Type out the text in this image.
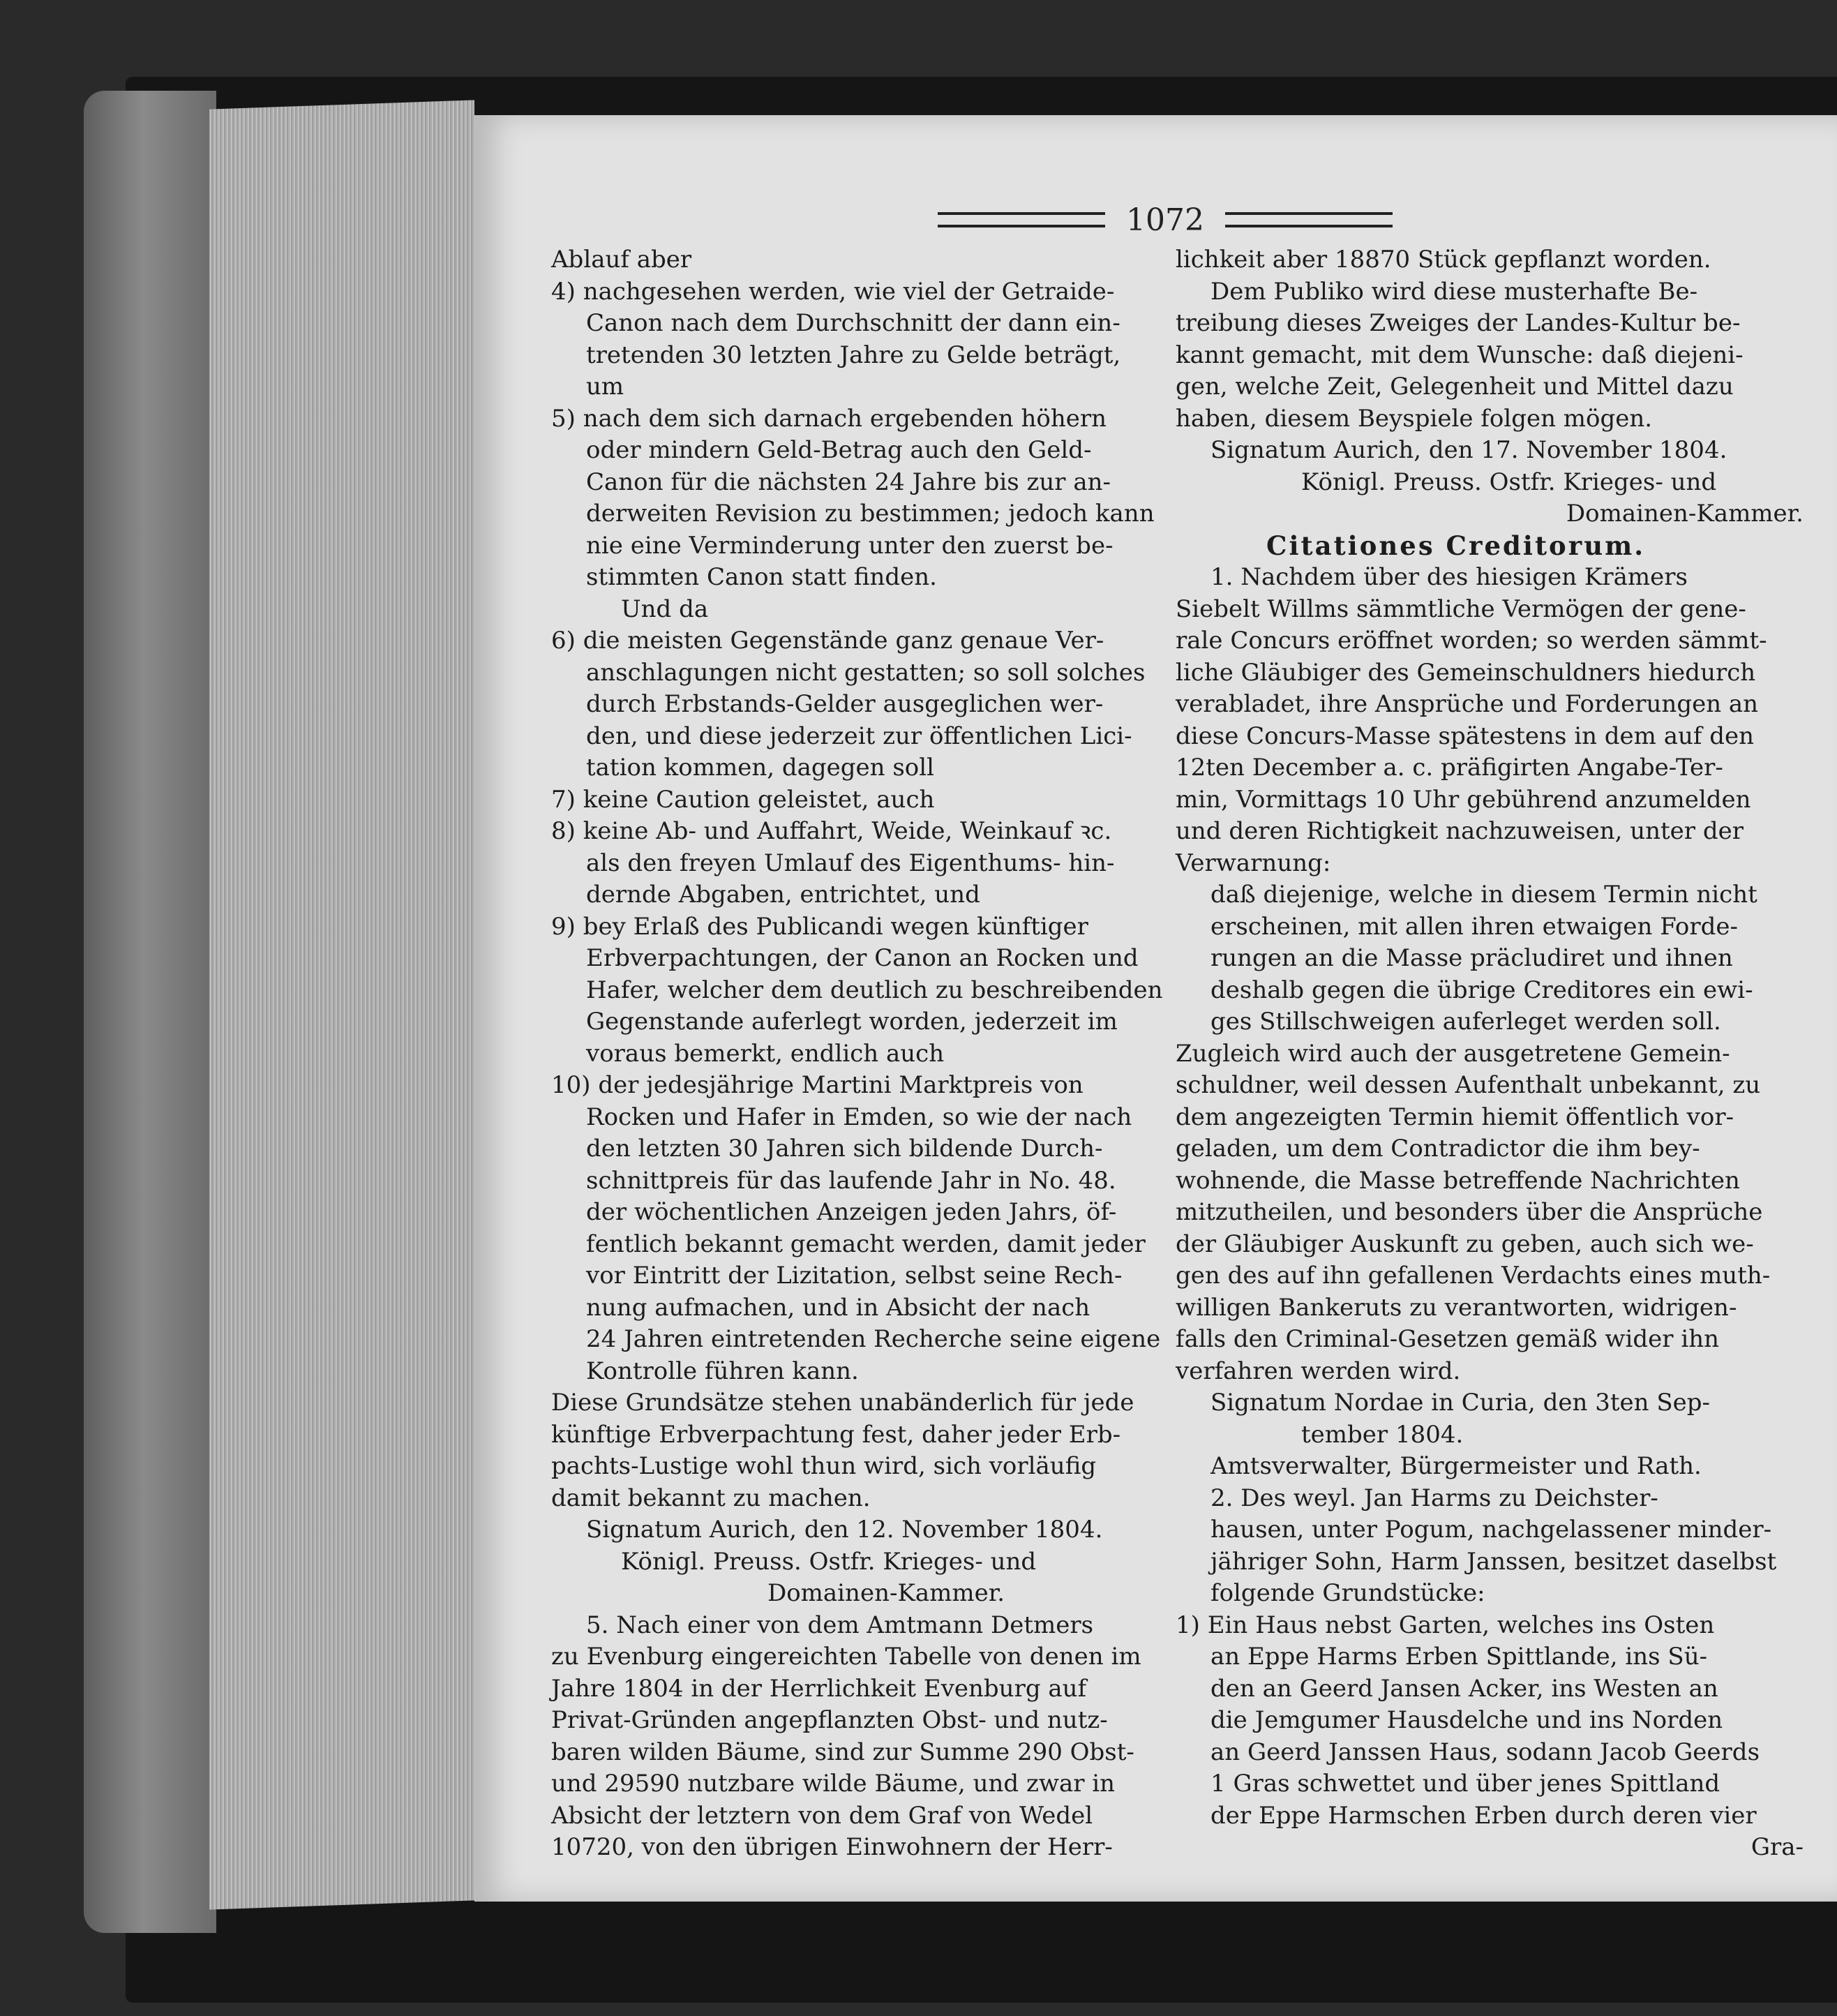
1072
Ablauf aber
4) nachgesehen werden, wie viel der Getraide-
Canon nach dem Durchschnitt der dann ein-
tretenden 30 letzten Jahre zu Gelde beträgt,
um
5) nach dem sich darnach ergebenden höhern
oder mindern Geld-Betrag auch den Geld-
Canon für die nächsten 24 Jahre bis zur an-
derweiten Revision zu bestimmen; jedoch kann
nie eine Verminderung unter den zuerst be-
stimmten Canon statt finden.
Und da
6) die meisten Gegenstände ganz genaue Ver-
anschlagungen nicht gestatten; so soll solches
durch Erbstands-Gelder ausgeglichen wer-
den, und diese jederzeit zur öffentlichen Lici-
tation kommen, dagegen soll
7) keine Caution geleistet, auch
8) keine Ab- und Auffahrt, Weide, Weinkauf ꝛc.
als den freyen Umlauf des Eigenthums- hin-
dernde Abgaben, entrichtet, und
9) bey Erlaß des Publicandi wegen künftiger
Erbverpachtungen, der Canon an Rocken und
Hafer, welcher dem deutlich zu beschreibenden
Gegenstande auferlegt worden, jederzeit im
voraus bemerkt, endlich auch
10) der jedesjährige Martini Marktpreis von
Rocken und Hafer in Emden, so wie der nach
den letzten 30 Jahren sich bildende Durch-
schnittpreis für das laufende Jahr in No. 48.
der wöchentlichen Anzeigen jeden Jahrs, öf-
fentlich bekannt gemacht werden, damit jeder
vor Eintritt der Lizitation, selbst seine Rech-
nung aufmachen, und in Absicht der nach
24 Jahren eintretenden Recherche seine eigene
Kontrolle führen kann.
Diese Grundsätze stehen unabänderlich für jede
künftige Erbverpachtung fest, daher jeder Erb-
pachts-Lustige wohl thun wird, sich vorläufig
damit bekannt zu machen.
Signatum Aurich, den 12. November 1804.
Königl. Preuss. Ostfr. Krieges- und
Domainen-Kammer.
5. Nach einer von dem Amtmann Detmers
zu Evenburg eingereichten Tabelle von denen im
Jahre 1804 in der Herrlichkeit Evenburg auf
Privat-Gründen angepflanzten Obst- und nutz-
baren wilden Bäume, sind zur Summe 290 Obst-
und 29590 nutzbare wilde Bäume, und zwar in
Absicht der letztern von dem Graf von Wedel
10720, von den übrigen Einwohnern der Herr-
lichkeit aber 18870 Stück gepflanzt worden.
Dem Publiko wird diese musterhafte Be-
treibung dieses Zweiges der Landes-Kultur be-
kannt gemacht, mit dem Wunsche: daß diejeni-
gen, welche Zeit, Gelegenheit und Mittel dazu
haben, diesem Beyspiele folgen mögen.
Signatum Aurich, den 17. November 1804.
Königl. Preuss. Ostfr. Krieges- und
Domainen-Kammer.
Citationes Creditorum.
1. Nachdem über des hiesigen Krämers
Siebelt Willms sämmtliche Vermögen der gene-
rale Concurs eröffnet worden; so werden sämmt-
liche Gläubiger des Gemeinschuldners hiedurch
verabladet, ihre Ansprüche und Forderungen an
diese Concurs-Masse spätestens in dem auf den
12ten December a. c. präfigirten Angabe-Ter-
min, Vormittags 10 Uhr gebührend anzumelden
und deren Richtigkeit nachzuweisen, unter der
Verwarnung:
daß diejenige, welche in diesem Termin nicht
erscheinen, mit allen ihren etwaigen Forde-
rungen an die Masse präcludiret und ihnen
deshalb gegen die übrige Creditores ein ewi-
ges Stillschweigen auferleget werden soll.
Zugleich wird auch der ausgetretene Gemein-
schuldner, weil dessen Aufenthalt unbekannt, zu
dem angezeigten Termin hiemit öffentlich vor-
geladen, um dem Contradictor die ihm bey-
wohnende, die Masse betreffende Nachrichten
mitzutheilen, und besonders über die Ansprüche
der Gläubiger Auskunft zu geben, auch sich we-
gen des auf ihn gefallenen Verdachts eines muth-
willigen Bankeruts zu verantworten, widrigen-
falls den Criminal-Gesetzen gemäß wider ihn
verfahren werden wird.
Signatum Nordae in Curia, den 3ten Sep-
tember 1804.
Amtsverwalter, Bürgermeister und Rath.
2. Des weyl. Jan Harms zu Deichster-
hausen, unter Pogum, nachgelassener minder-
jähriger Sohn, Harm Janssen, besitzet daselbst
folgende Grundstücke:
1) Ein Haus nebst Garten, welches ins Osten
an Eppe Harms Erben Spittlande, ins Sü-
den an Geerd Jansen Acker, ins Westen an
die Jemgumer Hausdelche und ins Norden
an Geerd Janssen Haus, sodann Jacob Geerds
1 Gras schwettet und über jenes Spittland
der Eppe Harmschen Erben durch deren vier
Gra-
